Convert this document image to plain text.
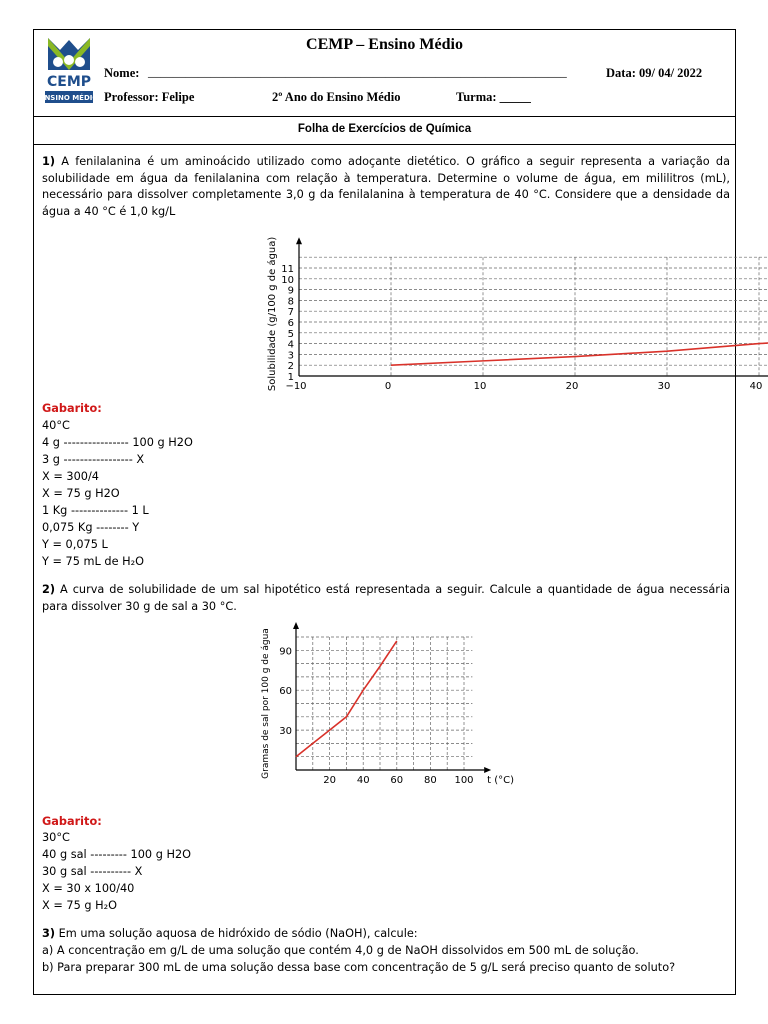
CEMP
ENSINO MÉDIO
CEMP – Ensino Médio
Nome: ___________________________________________________________________	Data: 09/ 04/ 2022
Professor: Felipe	2º Ano do Ensino Médio	Turma: _____
Folha de Exercícios de Química
1) A fenilalanina é um aminoácido utilizado como adoçante dietético. O gráfico a seguir representa a variação da solubilidade em água da fenilalanina com relação à temperatura. Determine o volume de água, em mililitros (mL), necessário para dissolver completamente 3,0 g da fenilalanina à temperatura de 40 °C. Considere que a densidade da água a 40 °C é 1,0 kg/L
−10	0	10	20	30	40
1
2
3
4
5
6
7
8
9
10
11
Solubilidade (g/100 g de água)
Gabarito:
40°C
4 g ---------------- 100 g H2O
3 g ----------------- X
X = 300/4
X = 75 g H2O
1 Kg -------------- 1 L
0,075 Kg -------- Y
Y = 0,075 L
Y = 75 mL de H₂O
2) A curva de solubilidade de um sal hipotético está representada a seguir. Calcule a quantidade de água necessária para dissolver 30 g de sal a 30 °C.
20 40 60 80 100
30
60
90
t (°C)
Gramas de sal por 100 g de água
Gabarito:
30°C
40 g sal --------- 100 g H2O
30 g sal ---------- X
X = 30 x 100/40
X = 75 g H₂O
3) Em uma solução aquosa de hidróxido de sódio (NaOH), calcule:
a) A concentração em g/L de uma solução que contém 4,0 g de NaOH dissolvidos em 500 mL de solução.
b) Para preparar 300 mL de uma solução dessa base com concentração de 5 g/L será preciso quanto de soluto?
